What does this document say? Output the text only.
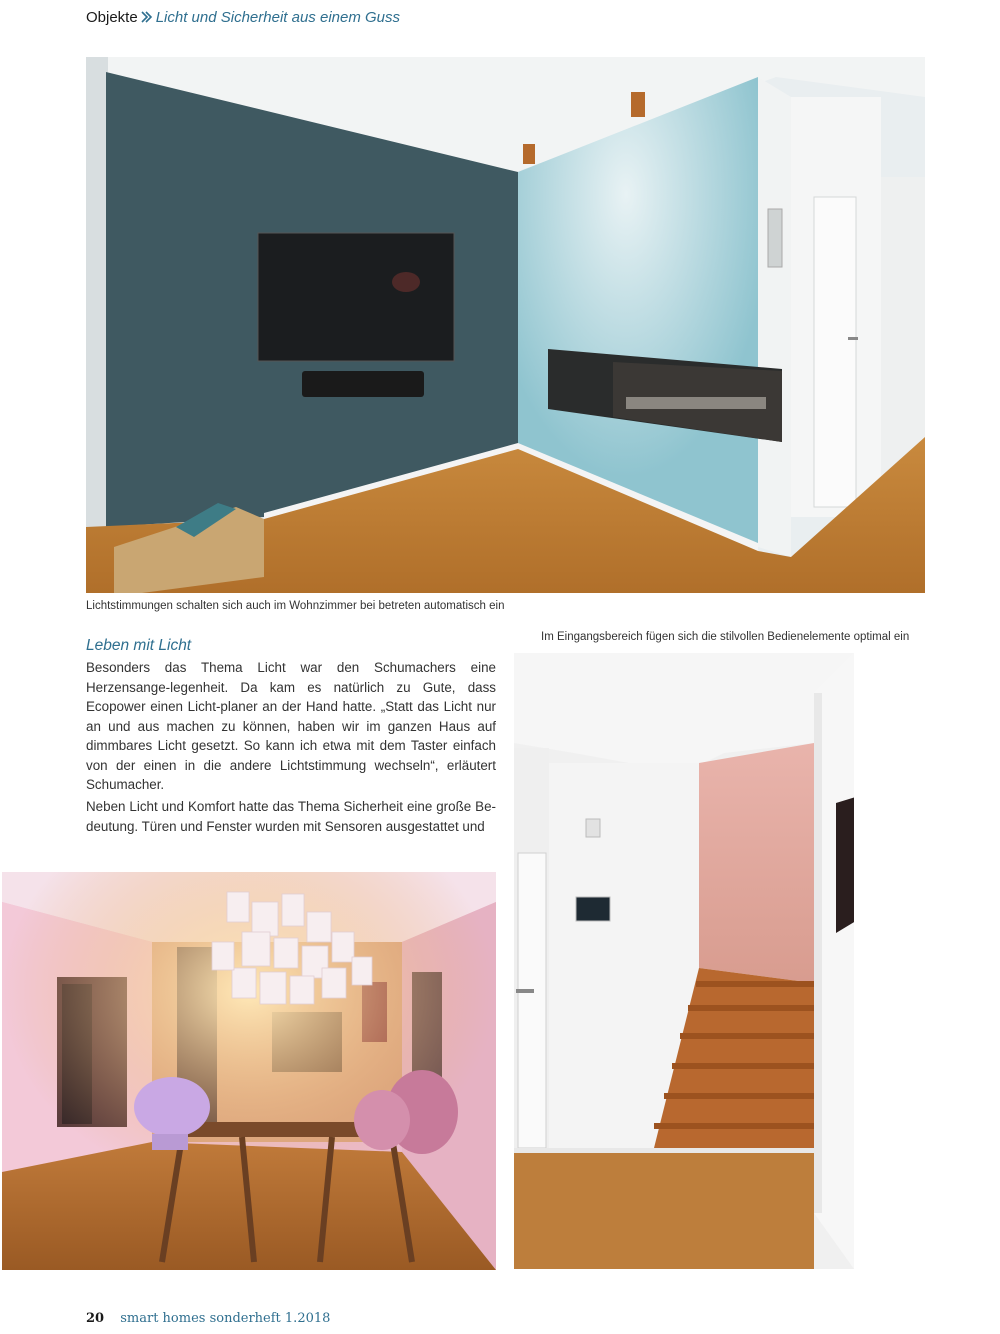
Objekte Licht und Sicherheit aus einem Guss
Lichtstimmungen schalten sich auch im Wohnzimmer bei betreten automatisch ein
Leben mit Licht

Besonders das Thema Licht war den Schumachers eine Herzensange-legenheit. Da kam es natürlich zu Gute, dass Ecopower einen Licht-planer an der Hand hatte. „Statt das Licht nur an und aus machen zu können, haben wir im ganzen Haus auf dimmbares Licht gesetzt. So kann ich etwa mit dem Taster einfach von der einen in die andere Lichtstimmung wechseln“, erläutert Schumacher.

Neben Licht und Komfort hatte das Thema Sicherheit eine große Be-deutung. Türen und Fenster wurden mit Sensoren ausgestattet und

Im Eingangsbereich fügen sich die stilvollen Bedienelemente optimal ein
20 smart homes sonderheft 1.2018
